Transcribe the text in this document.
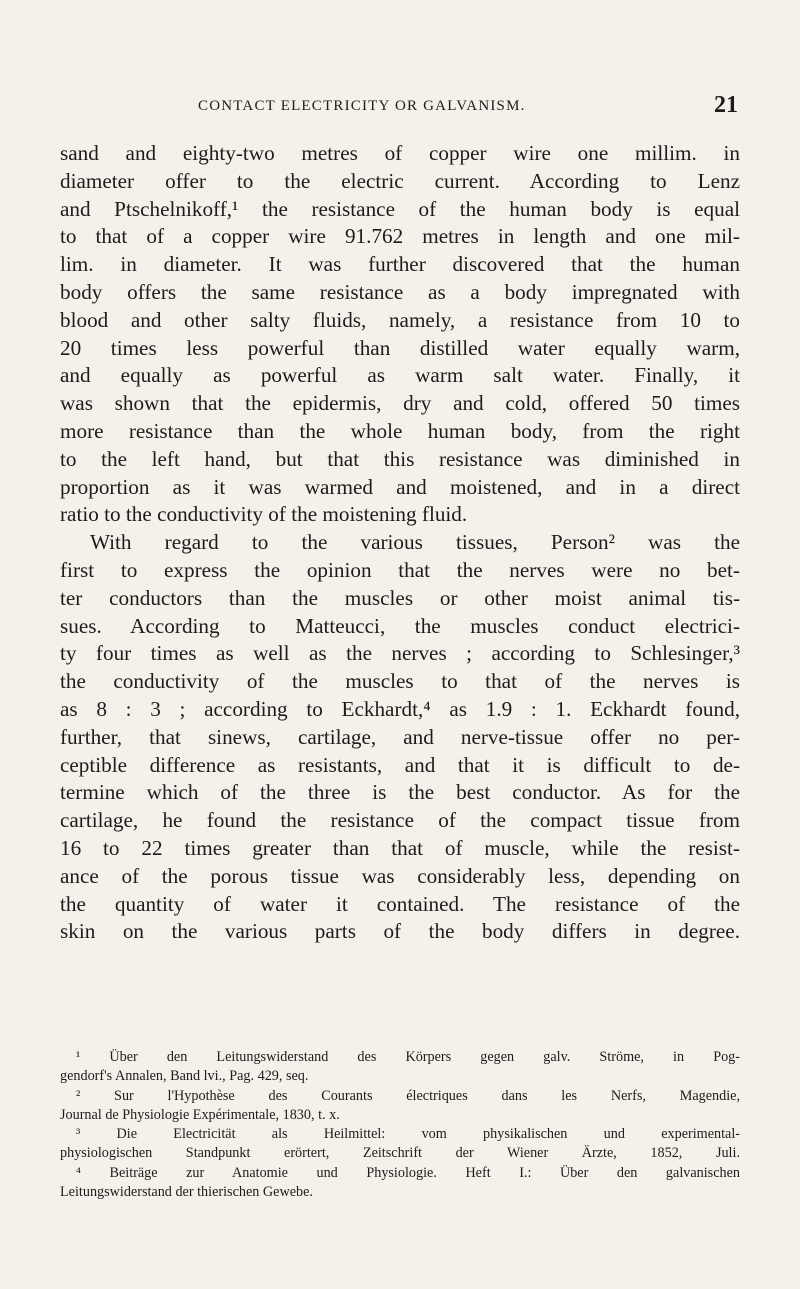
CONTACT ELECTRICITY OR GALVANISM.	21
sand and eighty-two metres of copper wire one millim. in
diameter offer to the electric current. According to Lenz
and Ptschelnikoff,¹ the resistance of the human body is equal
to that of a copper wire 91.762 metres in length and one mil-
lim. in diameter. It was further discovered that the human
body offers the same resistance as a body impregnated with
blood and other salty fluids, namely, a resistance from 10 to
20 times less powerful than distilled water equally warm,
and equally as powerful as warm salt water. Finally, it
was shown that the epidermis, dry and cold, offered 50 times
more resistance than the whole human body, from the right
to the left hand, but that this resistance was diminished in
proportion as it was warmed and moistened, and in a direct
ratio to the conductivity of the moistening fluid.
With regard to the various tissues, Person² was the
first to express the opinion that the nerves were no bet-
ter conductors than the muscles or other moist animal tis-
sues. According to Matteucci, the muscles conduct electrici-
ty four times as well as the nerves ; according to Schlesinger,³
the conductivity of the muscles to that of the nerves is
as 8 : 3 ; according to Eckhardt,⁴ as 1.9 : 1. Eckhardt found,
further, that sinews, cartilage, and nerve-tissue offer no per-
ceptible difference as resistants, and that it is difficult to de-
termine which of the three is the best conductor. As for the
cartilage, he found the resistance of the compact tissue from
16 to 22 times greater than that of muscle, while the resist-
ance of the porous tissue was considerably less, depending on
the quantity of water it contained. The resistance of the
skin on the various parts of the body differs in degree.
¹ Über den Leitungswiderstand des Körpers gegen galv. Ströme, in Pog-
gendorf's Annalen, Band lvi., Pag. 429, seq.
² Sur l'Hypothèse des Courants électriques dans les Nerfs, Magendie,
Journal de Physiologie Expérimentale, 1830, t. x.
³ Die Electricität als Heilmittel: vom physikalischen und experimental-
physiologischen Standpunkt erörtert, Zeitschrift der Wiener Ärzte, 1852, Juli.
⁴ Beiträge zur Anatomie und Physiologie. Heft I.: Über den galvanischen
Leitungswiderstand der thierischen Gewebe.
